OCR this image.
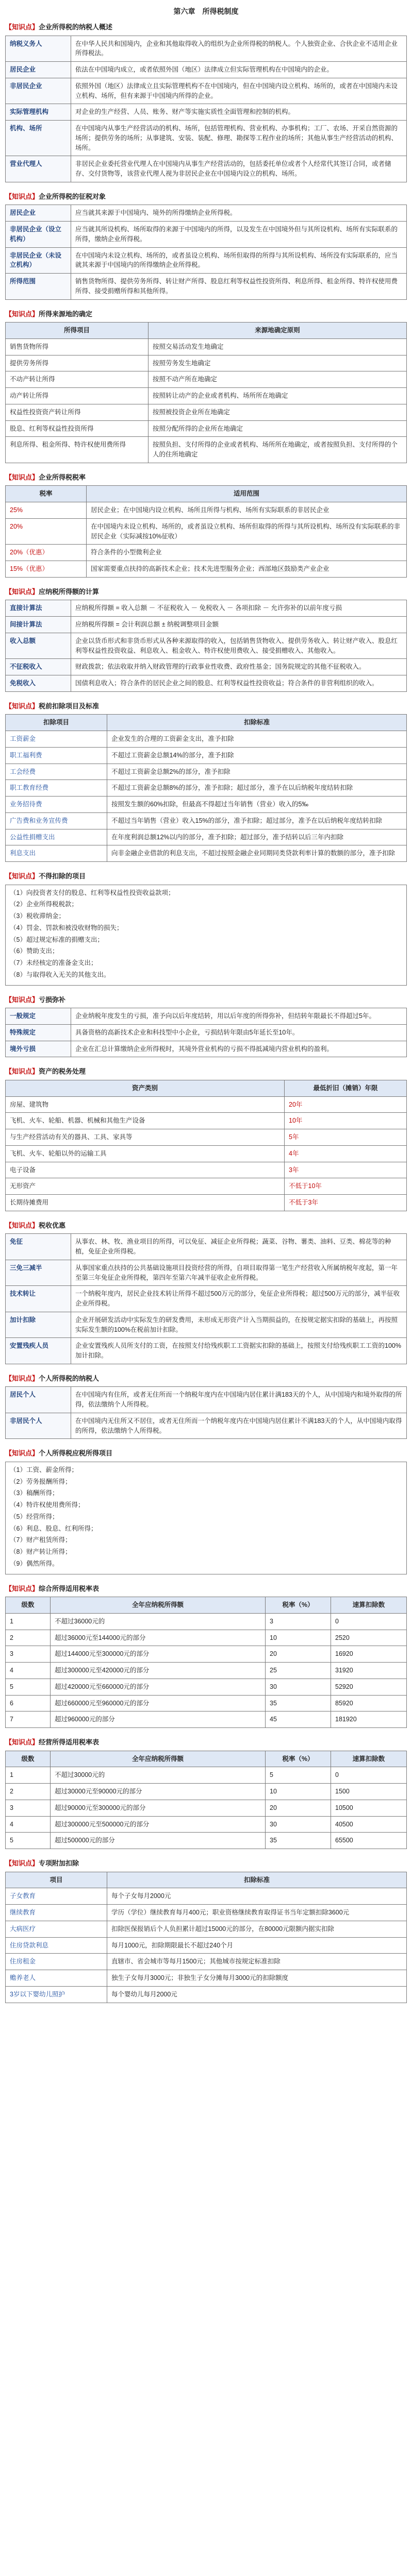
第六章　所得税制度
【知识点】企业所得税的纳税人概述
纳税义务人	在中华人民共和国境内，企业和其他取得收入的组织为企业所得税的纳税人。个人独资企业、合伙企业不适用企业所得税法。
居民企业	依法在中国境内成立，或者依照外国（地区）法律成立但实际管理机构在中国境内的企业。
非居民企业	依照外国（地区）法律成立且实际管理机构不在中国境内，但在中国境内设立机构、场所的，或者在中国境内未设立机构、场所，但有来源于中国境内所得的企业。
实际管理机构	对企业的生产经营、人员、账务、财产等实施实质性全面管理和控制的机构。
机构、场所	在中国境内从事生产经营活动的机构、场所，包括管理机构、营业机构、办事机构；工厂、农场、开采自然资源的场所；提供劳务的场所；从事建筑、安装、装配、修理、勘探等工程作业的场所；其他从事生产经营活动的机构、场所。
营业代理人	非居民企业委托营业代理人在中国境内从事生产经营活动的，包括委托单位或者个人经常代其签订合同，或者储存、交付货物等，该营业代理人视为非居民企业在中国境内设立的机构、场所。
【知识点】企业所得税的征税对象
居民企业	应当就其来源于中国境内、境外的所得缴纳企业所得税。
非居民企业（设立机构）	应当就其所设机构、场所取得的来源于中国境内的所得，以及发生在中国境外但与其所设机构、场所有实际联系的所得，缴纳企业所得税。
非居民企业（未设立机构）	在中国境内未设立机构、场所的，或者虽设立机构、场所但取得的所得与其所设机构、场所没有实际联系的，应当就其来源于中国境内的所得缴纳企业所得税。
所得范围	销售货物所得、提供劳务所得、转让财产所得、股息红利等权益性投资所得、利息所得、租金所得、特许权使用费所得、接受捐赠所得和其他所得。
【知识点】所得来源地的确定
所得项目	来源地确定原则
销售货物所得	按照交易活动发生地确定
提供劳务所得	按照劳务发生地确定
不动产转让所得	按照不动产所在地确定
动产转让所得	按照转让动产的企业或者机构、场所所在地确定
权益性投资资产转让所得	按照被投资企业所在地确定
股息、红利等权益性投资所得	按照分配所得的企业所在地确定
利息所得、租金所得、特许权使用费所得	按照负担、支付所得的企业或者机构、场所所在地确定，或者按照负担、支付所得的个人的住所地确定
【知识点】企业所得税税率
税率	适用范围
25%	居民企业；在中国境内设立机构、场所且所得与机构、场所有实际联系的非居民企业
20%	在中国境内未设立机构、场所的，或者虽设立机构、场所但取得的所得与其所设机构、场所没有实际联系的非居民企业（实际减按10%征收）
20%（优惠）	符合条件的小型微利企业
15%（优惠）	国家需要重点扶持的高新技术企业；技术先进型服务企业；西部地区鼓励类产业企业
【知识点】应纳税所得额的计算
直接计算法	应纳税所得额 = 收入总额 － 不征税收入 － 免税收入 － 各项扣除 － 允许弥补的以前年度亏损
间接计算法	应纳税所得额 = 会计利润总额 ± 纳税调整项目金额
收入总额	企业以货币形式和非货币形式从各种来源取得的收入，包括销售货物收入、提供劳务收入、转让财产收入、股息红利等权益性投资收益、利息收入、租金收入、特许权使用费收入、接受捐赠收入、其他收入。
不征税收入	财政拨款；依法收取并纳入财政管理的行政事业性收费、政府性基金；国务院规定的其他不征税收入。
免税收入	国债利息收入；符合条件的居民企业之间的股息、红利等权益性投资收益；符合条件的非营利组织的收入。
【知识点】税前扣除项目及标准
扣除项目	扣除标准
工资薪金	企业发生的合理的工资薪金支出，准予扣除
职工福利费	不超过工资薪金总额14%的部分，准予扣除
工会经费	不超过工资薪金总额2%的部分，准予扣除
职工教育经费	不超过工资薪金总额8%的部分，准予扣除；超过部分，准予在以后纳税年度结转扣除
业务招待费	按照发生额的60%扣除，但最高不得超过当年销售（营业）收入的5‰
广告费和业务宣传费	不超过当年销售（营业）收入15%的部分，准予扣除；超过部分，准予在以后纳税年度结转扣除
公益性捐赠支出	在年度利润总额12%以内的部分，准予扣除；超过部分，准予结转以后三年内扣除
利息支出	向非金融企业借款的利息支出，不超过按照金融企业同期同类贷款利率计算的数额的部分，准予扣除
【知识点】不得扣除的项目
（1）向投资者支付的股息、红利等权益性投资收益款项；
（2）企业所得税税款；
（3）税收滞纳金；
（4）罚金、罚款和被没收财物的损失；
（5）超过规定标准的捐赠支出；
（6）赞助支出；
（7）未经核定的准备金支出；
（8）与取得收入无关的其他支出。
【知识点】亏损弥补
一般规定	企业纳税年度发生的亏损，准予向以后年度结转，用以后年度的所得弥补，但结转年限最长不得超过5年。
特殊规定	具备资格的高新技术企业和科技型中小企业，亏损结转年限由5年延长至10年。
境外亏损	企业在汇总计算缴纳企业所得税时，其境外营业机构的亏损不得抵减境内营业机构的盈利。
【知识点】资产的税务处理
资产类别	最低折旧（摊销）年限
房屋、建筑物	20年
飞机、火车、轮船、机器、机械和其他生产设备	10年
与生产经营活动有关的器具、工具、家具等	5年
飞机、火车、轮船以外的运输工具	4年
电子设备	3年
无形资产	不低于10年
长期待摊费用	不低于3年
【知识点】税收优惠
免征	从事农、林、牧、渔业项目的所得，可以免征、减征企业所得税；蔬菜、谷物、薯类、油料、豆类、棉花等的种植，免征企业所得税。
三免三减半	从事国家重点扶持的公共基础设施项目投资经营的所得，自项目取得第一笔生产经营收入所属纳税年度起，第一年至第三年免征企业所得税，第四年至第六年减半征收企业所得税。
技术转让	一个纳税年度内，居民企业技术转让所得不超过500万元的部分，免征企业所得税；超过500万元的部分，减半征收企业所得税。
加计扣除	企业开展研发活动中实际发生的研发费用，未形成无形资产计入当期损益的，在按规定据实扣除的基础上，再按照实际发生额的100%在税前加计扣除。
安置残疾人员	企业安置残疾人员所支付的工资，在按照支付给残疾职工工资据实扣除的基础上，按照支付给残疾职工工资的100%加计扣除。
【知识点】个人所得税的纳税人
居民个人	在中国境内有住所，或者无住所而一个纳税年度内在中国境内居住累计满183天的个人，从中国境内和境外取得的所得，依法缴纳个人所得税。
非居民个人	在中国境内无住所又不居住，或者无住所而一个纳税年度内在中国境内居住累计不满183天的个人，从中国境内取得的所得，依法缴纳个人所得税。
【知识点】个人所得税应税所得项目
（1）工资、薪金所得；
（2）劳务报酬所得；
（3）稿酬所得；
（4）特许权使用费所得；
（5）经营所得；
（6）利息、股息、红利所得；
（7）财产租赁所得；
（8）财产转让所得；
（9）偶然所得。
【知识点】综合所得适用税率表
级数	全年应纳税所得额	税率（%）	速算扣除数
1	不超过36000元的	3	0
2	超过36000元至144000元的部分	10	2520
3	超过144000元至300000元的部分	20	16920
4	超过300000元至420000元的部分	25	31920
5	超过420000元至660000元的部分	30	52920
6	超过660000元至960000元的部分	35	85920
7	超过960000元的部分	45	181920
【知识点】经营所得适用税率表
级数	全年应纳税所得额	税率（%）	速算扣除数
1	不超过30000元的	5	0
2	超过30000元至90000元的部分	10	1500
3	超过90000元至300000元的部分	20	10500
4	超过300000元至500000元的部分	30	40500
5	超过500000元的部分	35	65500
【知识点】专项附加扣除
项目	扣除标准
子女教育	每个子女每月2000元
继续教育	学历（学位）继续教育每月400元；职业资格继续教育取得证书当年定额扣除3600元
大病医疗	扣除医保报销后个人负担累计超过15000元的部分，在80000元限额内据实扣除
住房贷款利息	每月1000元，扣除期限最长不超过240个月
住房租金	直辖市、省会城市等每月1500元；其他城市按规定标准扣除
赡养老人	独生子女每月3000元；非独生子女分摊每月3000元的扣除额度
3岁以下婴幼儿照护	每个婴幼儿每月2000元
